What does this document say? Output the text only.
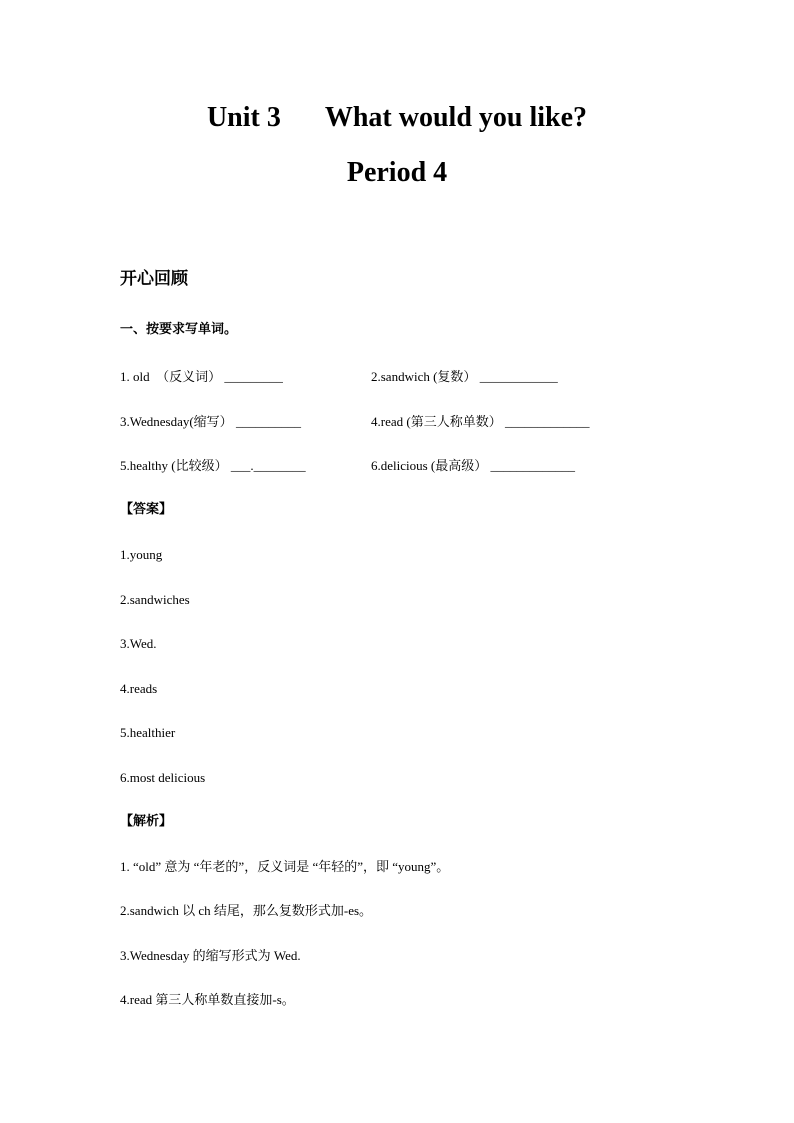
Unit 3 What would you like?
Period 4
开心回顾
一、按要求写单词。
1. old  （反义词） _________	2.sandwich (复数） ____________
3.Wednesday(缩写） __________	4.read (第三人称单数） _____________
5.healthy (比较级） ___.________	6.delicious (最高级） _____________
【答案】
1.young
2.sandwiches
3.Wed.
4.reads
5.healthier
6.most delicious
【解析】
1. “old” 意为 “年老的”，反义词是 “年轻的”，即 “young”。
2.sandwich 以 ch 结尾，那么复数形式加-es。
3.Wednesday 的缩写形式为 Wed.
4.read 第三人称单数直接加-s。
